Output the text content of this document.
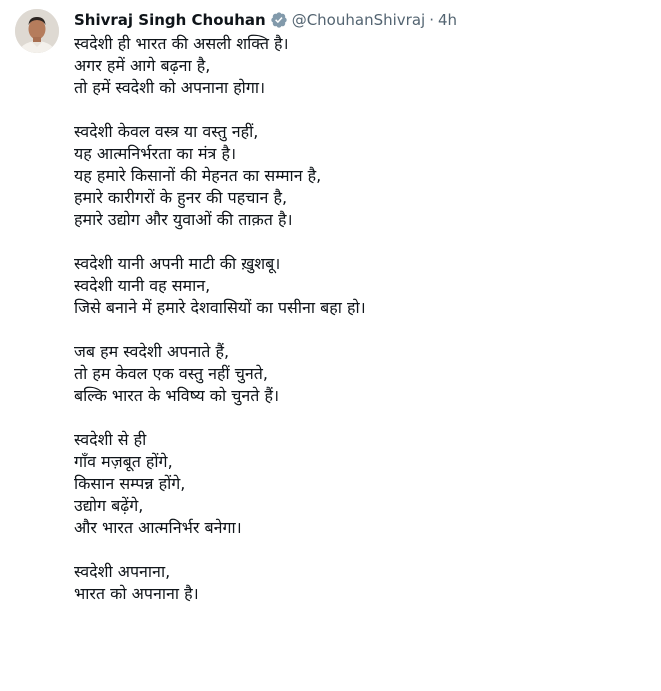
Shivraj Singh Chouhan @ChouhanShivraj · 4h
स्वदेशी ही भारत की असली शक्ति है।
अगर हमें आगे बढ़ना है,
तो हमें स्वदेशी को अपनाना होगा।
स्वदेशी केवल वस्त्र या वस्तु नहीं,
यह आत्मनिर्भरता का मंत्र है।
यह हमारे किसानों की मेहनत का सम्मान है,
हमारे कारीगरों के हुनर की पहचान है,
हमारे उद्योग और युवाओं की ताक़त है।
स्वदेशी यानी अपनी माटी की ख़ुशबू।
स्वदेशी यानी वह समान,
जिसे बनाने में हमारे देशवासियों का पसीना बहा हो।
जब हम स्वदेशी अपनाते हैं,
तो हम केवल एक वस्तु नहीं चुनते,
बल्कि भारत के भविष्य को चुनते हैं।
स्वदेशी से ही
गाँव मज़बूत होंगे,
किसान सम्पन्न होंगे,
उद्योग बढ़ेंगे,
और भारत आत्मनिर्भर बनेगा।
स्वदेशी अपनाना,
भारत को अपनाना है।
